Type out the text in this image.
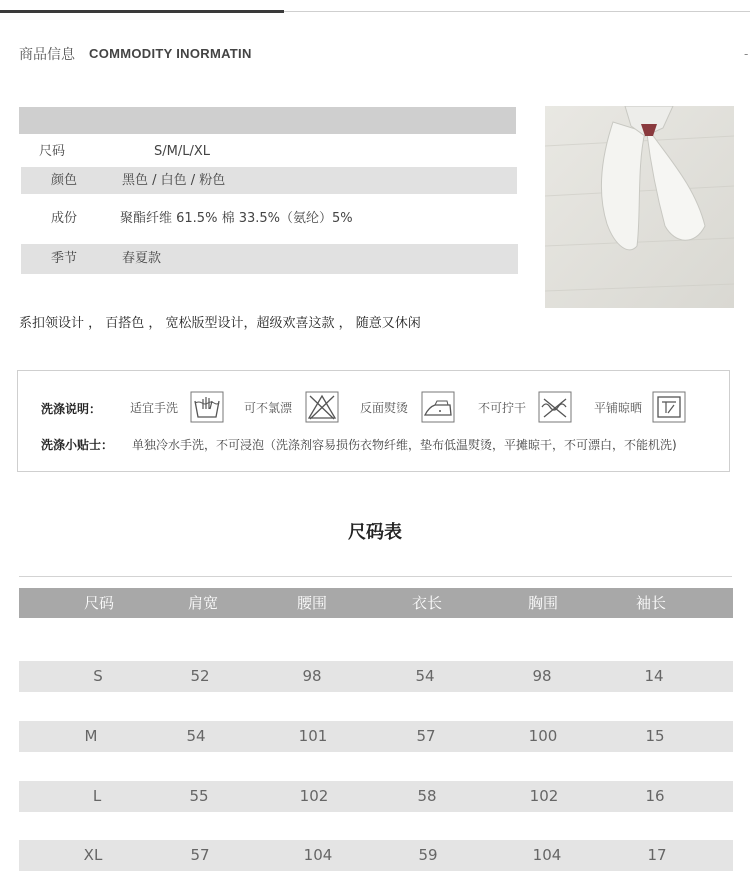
商品信息 COMMODITY INORMATIN	-
尺码	S/M/L/XL
颜色	黑色 / 白色 / 粉色
成份	聚酯纤维 61.5% 棉 33.5%（氨纶）5%
季节	春夏款
系扣领设计 ， 百搭色 ， 宽松版型设计，超级欢喜这款 ， 随意又休闲
洗涤说明： 适宜手洗	可不氯漂	反面熨烫	不可拧干	平铺晾晒
洗涤小贴士： 单独冷水手洗，不可浸泡（洗涤剂容易损伤衣物纤维，垫布低温熨烫，平摊晾干，不可漂白，不能机洗)
尺码表
尺码	肩宽	腰围	衣长	胸围	袖长
S	52	98	54	98	14
M	54	101	57	100	15
L	55	102	58	102	16
XL	57	104	59	104	17
